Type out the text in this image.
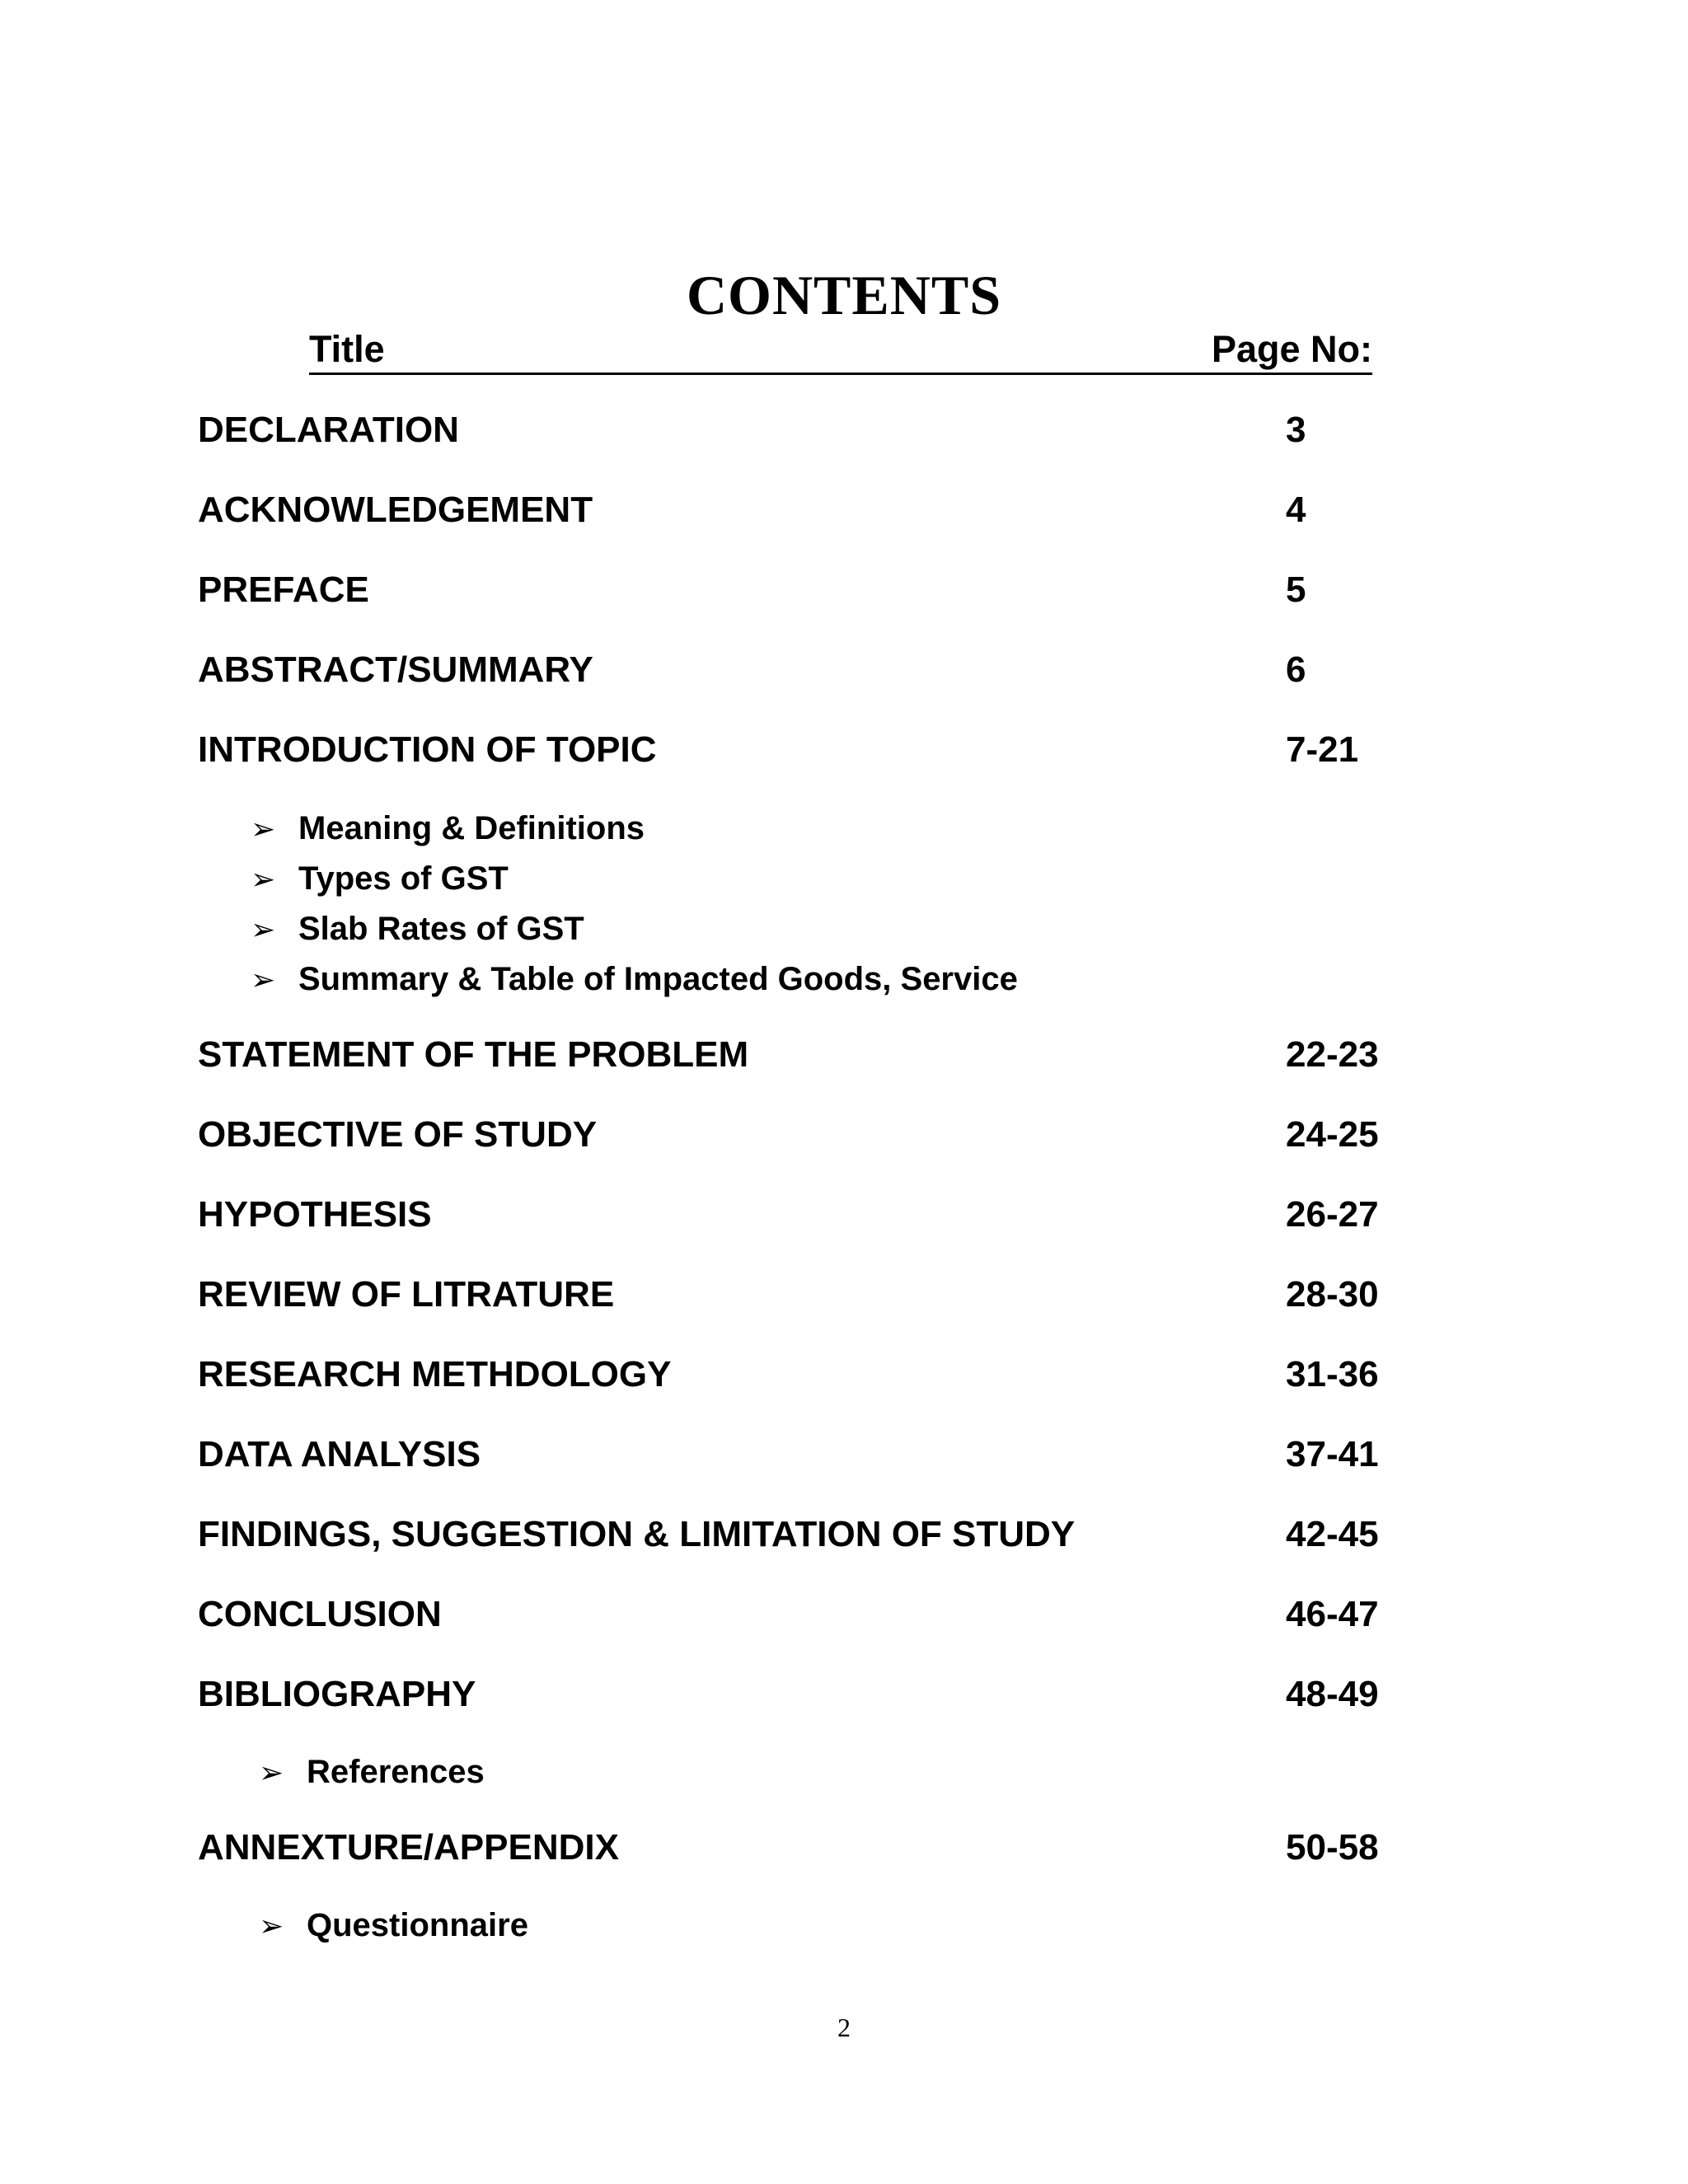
CONTENTS
Title	Page No:
DECLARATION	3
ACKNOWLEDGEMENT	4
PREFACE	5
ABSTRACT/SUMMARY	6
INTRODUCTION OF TOPIC	7-21
➢ Meaning & Definitions
➢ Types of GST
➢ Slab Rates of GST
➢ Summary & Table of Impacted Goods, Service
STATEMENT OF THE PROBLEM	22-23
OBJECTIVE OF STUDY	24-25
HYPOTHESIS	26-27
REVIEW OF LITRATURE	28-30
RESEARCH METHDOLOGY	31-36
DATA ANALYSIS	37-41
FINDINGS, SUGGESTION & LIMITATION OF STUDY	42-45
CONCLUSION	46-47
BIBLIOGRAPHY	48-49
➢ References
ANNEXTURE/APPENDIX	50-58
➢ Questionnaire
2
